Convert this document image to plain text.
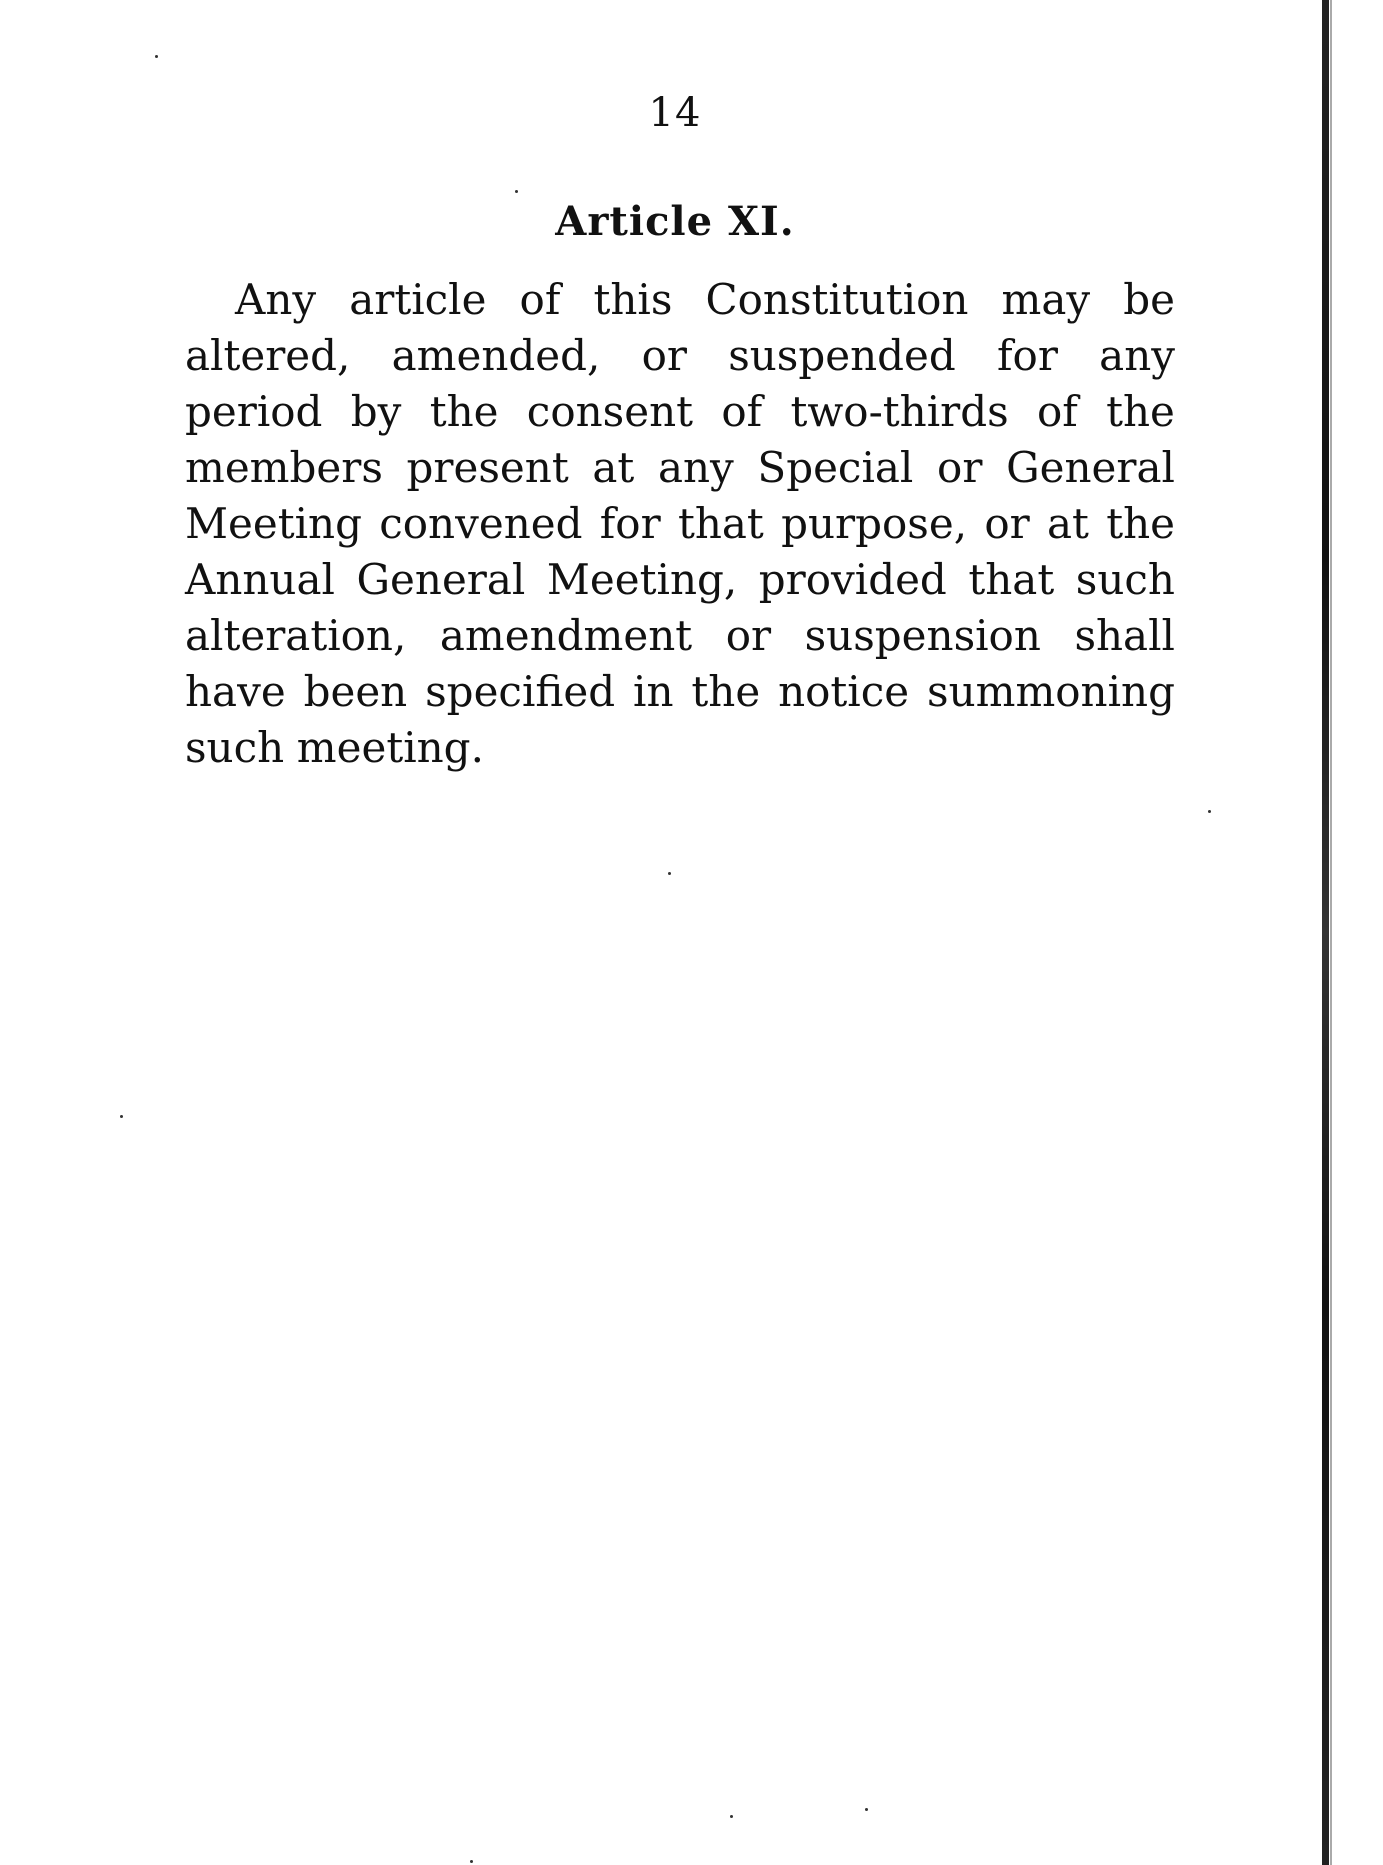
14
Article XI.
Any article of this Constitution may be
altered, amended, or suspended for any
period by the consent of two-thirds of the
members present at any Special or General
Meeting convened for that purpose, or at the
Annual General Meeting, provided that such
alteration, amendment or suspension shall
have been specified in the notice summoning
such meeting.
